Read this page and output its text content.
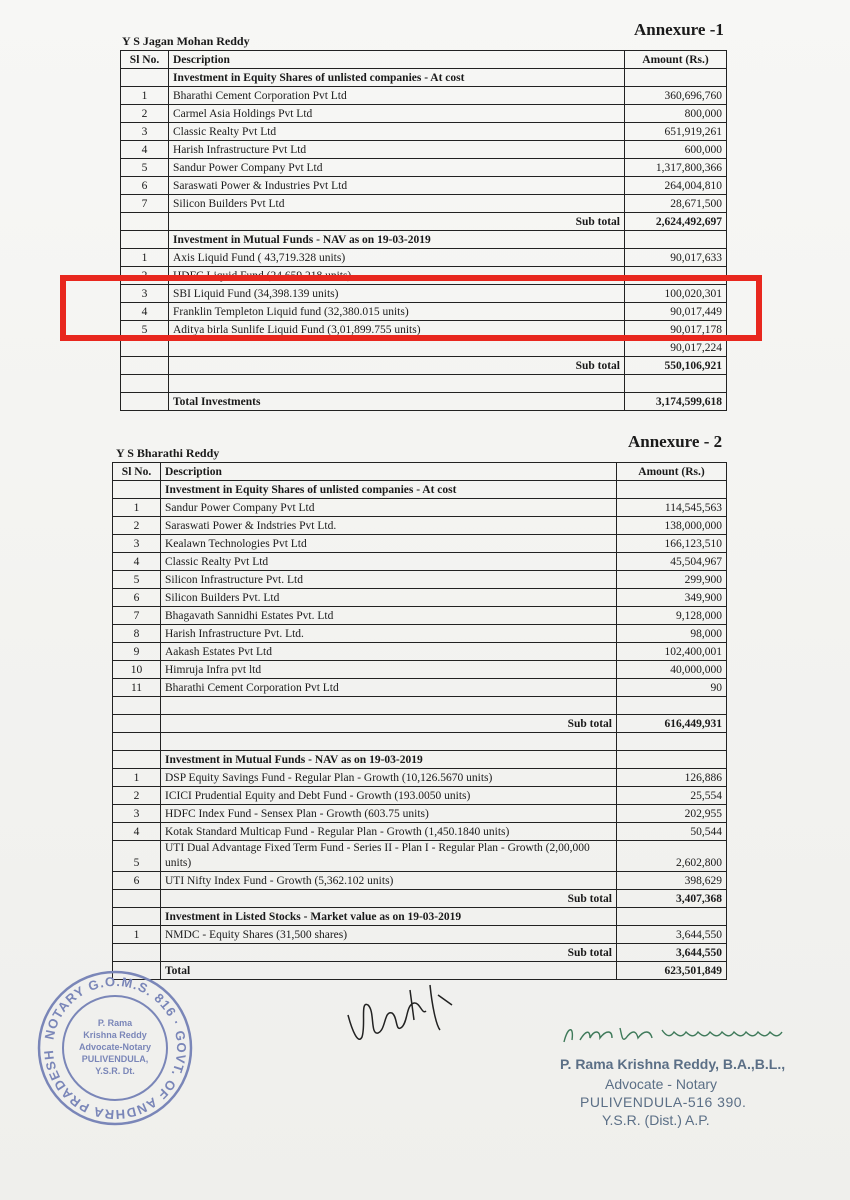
Annexure -1
Y S Jagan Mohan Reddy
Sl No.	Description	Amount (Rs.)
	Investment in Equity Shares of unlisted companies - At cost	
1	Bharathi Cement Corporation Pvt Ltd	360,696,760
2	Carmel Asia Holdings Pvt Ltd	800,000
3	Classic Realty Pvt Ltd	651,919,261
4	Harish Infrastructure Pvt Ltd	600,000
5	Sandur Power Company Pvt Ltd	1,317,800,366
6	Saraswati Power & Industries Pvt Ltd	264,004,810
7	Silicon Builders Pvt Ltd	28,671,500
	Sub total	2,624,492,697
	Investment in Mutual Funds - NAV as on 19-03-2019	
1	Axis Liquid Fund ( 43,719.328 units)	90,017,633
2	HDFC Liquid Fund (24,659.218 units)	
3	SBI Liquid Fund (34,398.139 units)	100,020,301
4	Franklin Templeton Liquid fund (32,380.015 units)	90,017,449
5	Aditya birla Sunlife Liquid Fund (3,01,899.755 units)	90,017,178
		90,017,224
	Sub total	550,106,921

	Total Investments	3,174,599,618
Annexure - 2
Y S Bharathi Reddy
Sl No.	Description	Amount (Rs.)
	Investment in Equity Shares of unlisted companies - At cost	
1	Sandur Power Company Pvt Ltd	114,545,563
2	Saraswati Power & Indstries Pvt Ltd.	138,000,000
3	Kealawn Technologies Pvt Ltd	166,123,510
4	Classic Realty Pvt Ltd	45,504,967
5	Silicon Infrastructure Pvt. Ltd	299,900
6	Silicon Builders Pvt. Ltd	349,900
7	Bhagavath Sannidhi Estates Pvt. Ltd	9,128,000
8	Harish Infrastructure Pvt. Ltd.	98,000
9	Aakash Estates Pvt Ltd	102,400,001
10	Himruja Infra pvt ltd	40,000,000
11	Bharathi Cement Corporation Pvt Ltd	90

	Sub total	616,449,931

	Investment in Mutual Funds - NAV as on 19-03-2019	
1	DSP Equity Savings Fund - Regular Plan - Growth (10,126.5670 units)	126,886
2	ICICI Prudential Equity and Debt Fund - Growth (193.0050 units)	25,554
3	HDFC Index Fund - Sensex Plan - Growth (603.75 units)	202,955
4	Kotak Standard Multicap Fund - Regular Plan - Growth (1,450.1840 units)	50,544
5	UTI Dual Advantage Fixed Term Fund - Series II - Plan I - Regular Plan - Growth (2,00,000 units)	2,602,800
6	UTI Nifty Index Fund - Growth (5,362.102 units)	398,629
	Sub total	3,407,368
	Investment in Listed Stocks - Market value as on 19-03-2019	
1	NMDC - Equity Shares (31,500 shares)	3,644,550
	Sub total	3,644,550
	Total	623,501,849
NOTARY G.O.M.S. 816 · GOVT. OF ANDHRA PRADESH
P. Rama
Krishna Reddy
Advocate-Notary
PULIVENDULA,
Y.S.R. Dt.	P. Rama Krishna Reddy, B.A.,B.L.,
Advocate - Notary
PULIVENDULA-516 390.
Y.S.R. (Dist.) A.P.
